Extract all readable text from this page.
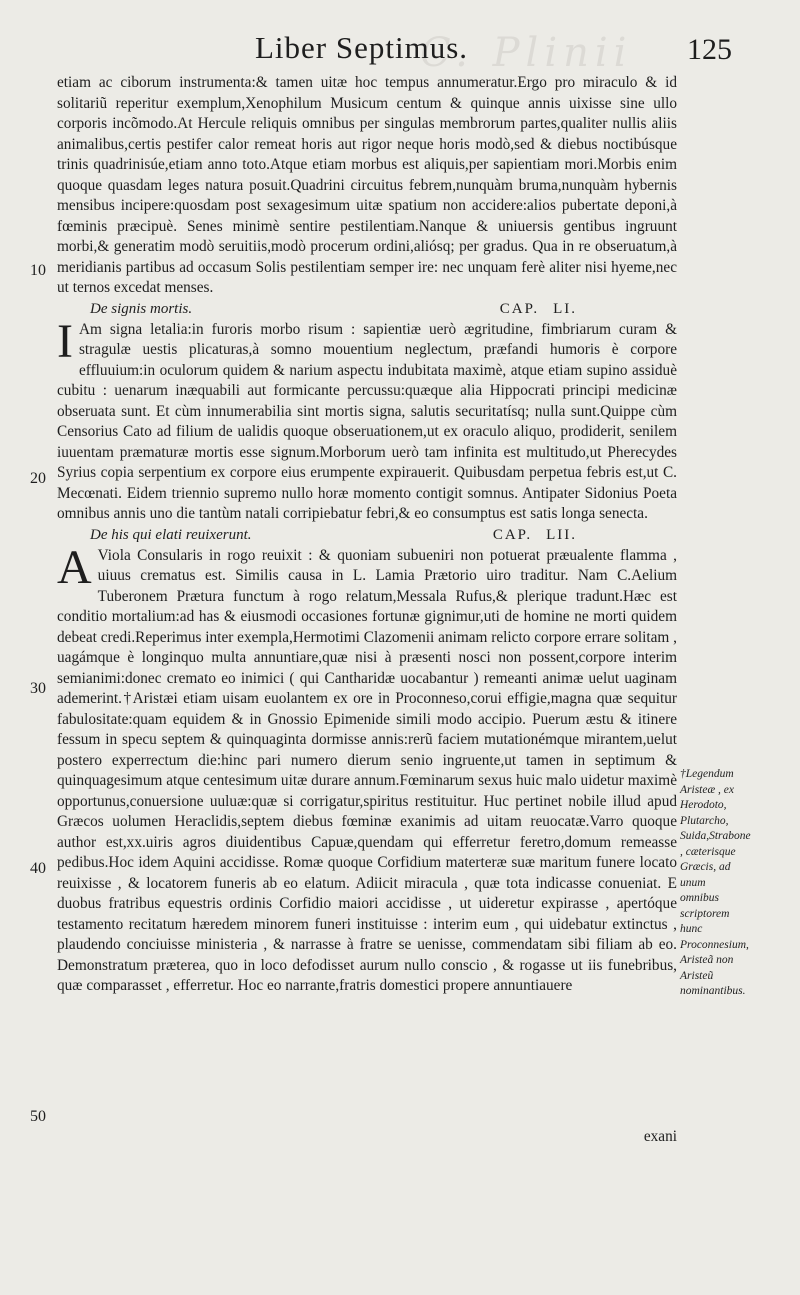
C. Plinii
Liber Septimus.	125
10
20
30
40
50

etiam ac ciborum instrumenta:& tamen uitæ hoc tempus annumeratur.Ergo pro miraculo & id solitariũ reperitur exemplum,Xenophilum Musicum centum & quinque annis uixisse sine ullo corporis incõmodo.At Hercule reliquis omnibus per singulas membrorum partes,qualiter nullis aliis animalibus,certis pestifer calor remeat horis aut rigor neque horis modò,sed & diebus noctibúsque trinis quadrinisúe,etiam anno toto.Atque etiam morbus est aliquis,per sapientiam mori.Morbis enim quoque quasdam leges natura posuit.Quadrini circuitus febrem,nunquàm bruma,nunquàm hybernis mensibus incipere:quosdam post sexagesimum uitæ spatium non accidere:alios pubertate deponi,à fœminis præcipuè. Senes minimè sentire pestilentiam.Nanque & uniuersis gentibus ingruunt morbi,& generatim modò seruitiis,modò procerum ordini,aliósq; per gradus. Qua in re obseruatum,à meridianis partibus ad occasum Solis pestilentiam semper ire: nec unquam ferè aliter nisi hyeme,nec ut ternos excedat menses.

De signis mortis.	CAP. LI.

I Am signa letalia:in furoris morbo risum : sapientiæ uerò ægritudine, fimbriarum curam & stragulæ uestis plicaturas,à somno mouentium neglectum, præfandi humoris è corpore effluuium:in oculorum quidem & narium aspectu indubitata maximè, atque etiam supino assiduè cubitu : uenarum inæquabili aut formicante percussu:quæque alia Hippocrati principi medicinæ obseruata sunt. Et cùm innumerabilia sint mortis signa, salutis securitatísq; nulla sunt.Quippe cùm Censorius Cato ad filium de ualidis quoque obseruationem,ut ex oraculo aliquo, prodiderit, senilem iuuentam præmaturæ mortis esse signum.Morborum uerò tam infinita est multitudo,ut Pherecydes Syrius copia serpentium ex corpore eius erumpente expirauerit. Quibusdam perpetua febris est,ut C. Mecœnati. Eidem triennio supremo nullo horæ momento contigit somnus. Antipater Sidonius Poeta omnibus annis uno die tantùm natali corripiebatur febri,& eo consumptus est satis longa senecta.

De his qui elati reuixerunt.	CAP. LII.

A Viola Consularis in rogo reuixit : & quoniam subueniri non potuerat præualente flamma , uiuus crematus est. Similis causa in L. Lamia Prætorio uiro traditur. Nam C.Aelium Tuberonem Prætura functum à rogo relatum,Messala Rufus,& plerique tradunt.Hæc est conditio mortalium:ad has & eiusmodi occasiones fortunæ gignimur,uti de homine ne morti quidem debeat credi.Reperimus inter exempla,Hermotimi Clazomenii animam relicto corpore errare solitam , uagámque è longinquo multa annuntiare,quæ nisi à præsenti nosci non possent,corpore interim semianimi:donec cremato eo inimici ( qui Cantharidæ uocabantur ) remeanti animæ uelut uaginam ademerint.†Aristæi etiam uisam euolantem ex ore in Proconneso,corui effigie,magna quæ sequitur fabulositate:quam equidem & in Gnossio Epimenide simili modo accipio. Puerum æstu & itinere fessum in specu septem & quinquaginta dormisse annis:rerũ faciem mutationémque mirantem,uelut postero experrectum die:hinc pari numero dierum senio ingruente,ut tamen in septimum & quinquagesimum atque centesimum uitæ durare annum.Fœminarum sexus huic malo uidetur maximè opportunus,conuersione uuluæ:quæ si corrigatur,spiritus restituitur. Huc pertinet nobile illud apud Græcos uolumen Heraclidis,septem diebus fœminæ exanimis ad uitam reuocatæ.Varro quoque author est,xx.uiris agros diuidentibus Capuæ,quendam qui efferretur feretro,domum remeasse pedibus.Hoc idem Aquini accidisse. Romæ quoque Corfidium materteræ suæ maritum funere locato reuixisse , & locatorem funeris ab eo elatum. Adiicit miracula , quæ tota indicasse conueniat. E duobus fratribus equestris ordinis Corfidio maiori accidisse , ut uideretur expirasse , apertóque testamento recitatum hæredem minorem funeri instituisse : interim eum , qui uidebatur extinctus , plaudendo conciuisse ministeria , & narrasse à fratre se uenisse, commendatam sibi filiam ab eo. Demonstratum præterea, quo in loco defodisset aurum nullo conscio , & rogasse ut iis funebribus, quæ comparasset , efferretur. Hoc eo narrante,fratris domestici propere annuntiauere

†Legendum Aristeæ , ex Herodoto, Plutarcho, Suida,Strabone , cæterisque Græcis, ad unum omnibus scriptorem hunc Proconnesium, Aristeã non Aristeũ nominantibus.
exani
